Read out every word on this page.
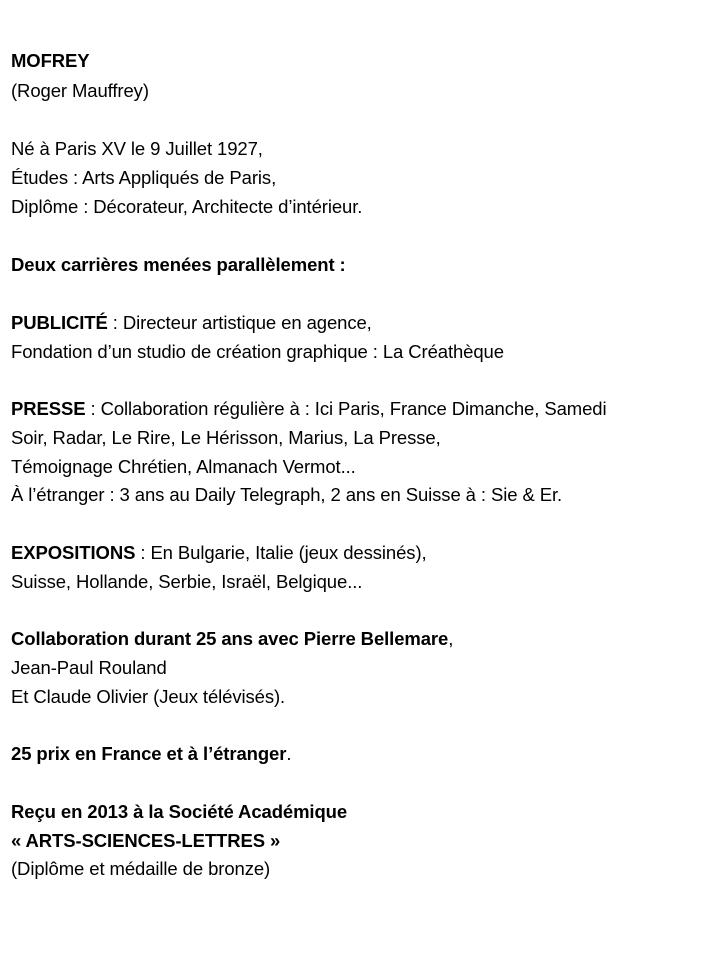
MOFREY
(Roger Mauffrey)
Né à Paris XV le 9 Juillet 1927,
Études : Arts Appliqués de Paris,
Diplôme : Décorateur, Architecte d’intérieur.
Deux carrières menées parallèlement :
PUBLICITÉ : Directeur artistique en agence,
Fondation d’un studio de création graphique : La Créathèque
PRESSE : Collaboration régulière à : Ici Paris, France Dimanche, Samedi
Soir, Radar, Le Rire, Le Hérisson, Marius, La Presse,
Témoignage Chrétien, Almanach Vermot...
À l’étranger : 3 ans au Daily Telegraph, 2 ans en Suisse à : Sie & Er.
EXPOSITIONS : En Bulgarie, Italie (jeux dessinés),
Suisse, Hollande, Serbie, Israël, Belgique...
Collaboration durant 25 ans avec Pierre Bellemare,
Jean-Paul Rouland
Et Claude Olivier (Jeux télévisés).
25 prix en France et à l’étranger.
Reçu en 2013 à la Société Académique
« ARTS-SCIENCES-LETTRES »
(Diplôme et médaille de bronze)
